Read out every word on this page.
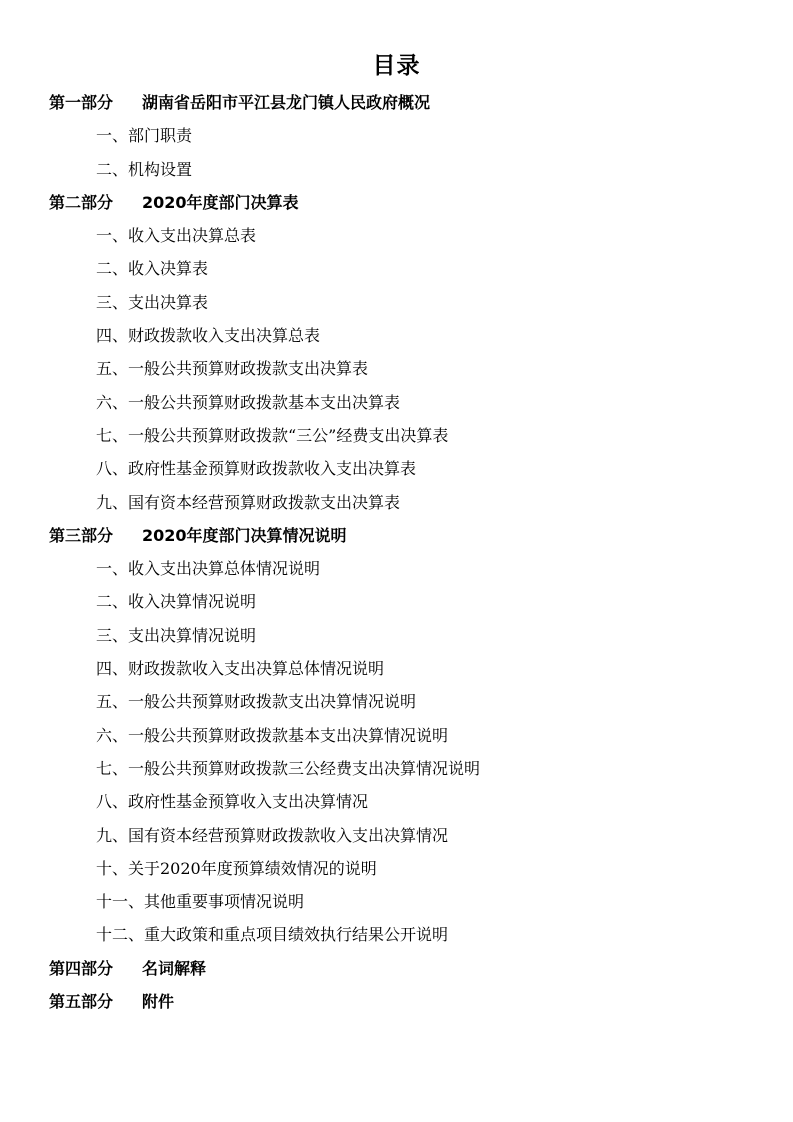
目录
第一部分 湖南省岳阳市平江县龙门镇人民政府概况
一、部门职责
二、机构设置
第二部分 2020年度部门决算表
一、收入支出决算总表
二、收入决算表
三、支出决算表
四、财政拨款收入支出决算总表
五、一般公共预算财政拨款支出决算表
六、一般公共预算财政拨款基本支出决算表
七、一般公共预算财政拨款“三公”经费支出决算表
八、政府性基金预算财政拨款收入支出决算表
九、国有资本经营预算财政拨款支出决算表
第三部分 2020年度部门决算情况说明
一、收入支出决算总体情况说明
二、收入决算情况说明
三、支出决算情况说明
四、财政拨款收入支出决算总体情况说明
五、一般公共预算财政拨款支出决算情况说明
六、一般公共预算财政拨款基本支出决算情况说明
七、一般公共预算财政拨款三公经费支出决算情况说明
八、政府性基金预算收入支出决算情况
九、国有资本经营预算财政拨款收入支出决算情况
十、关于2020年度预算绩效情况的说明
十一、其他重要事项情况说明
十二、重大政策和重点项目绩效执行结果公开说明
第四部分 名词解释
第五部分 附件
